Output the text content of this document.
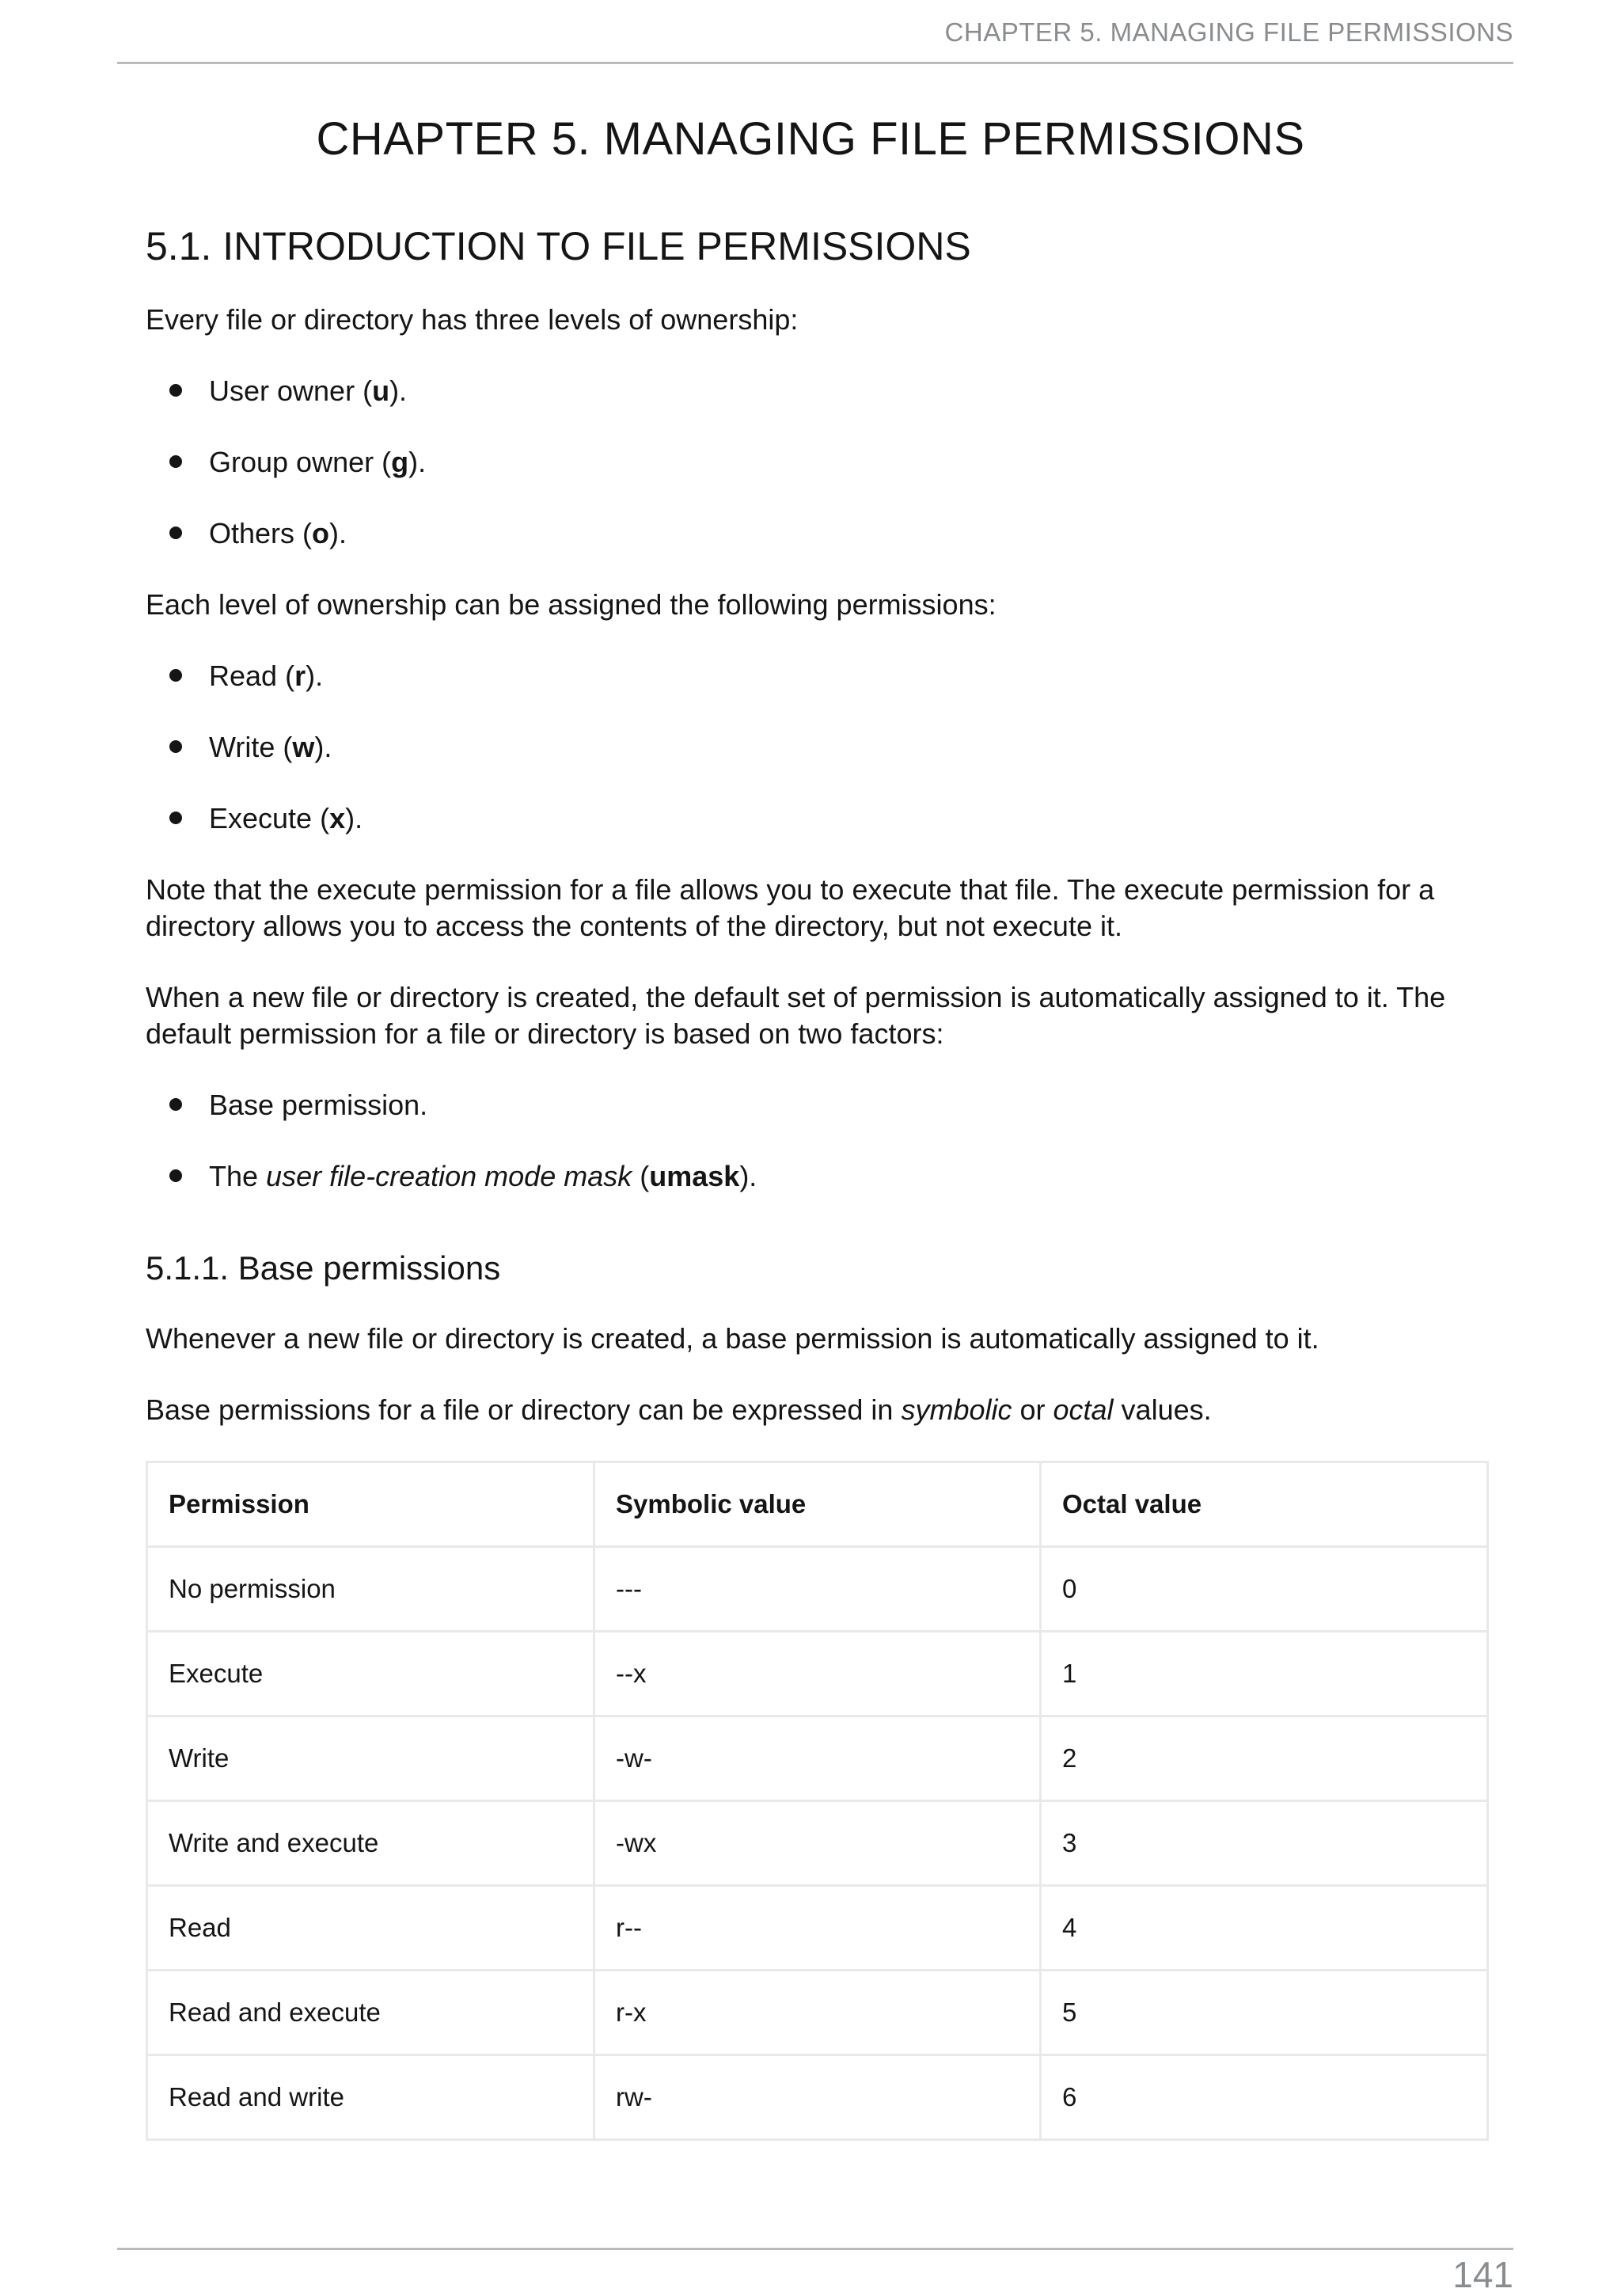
CHAPTER 5. MANAGING FILE PERMISSIONS
CHAPTER 5. MANAGING FILE PERMISSIONS
5.1. INTRODUCTION TO FILE PERMISSIONS

Every file or directory has three levels of ownership:

User owner (u).
Group owner (g).
Others (o).

Each level of ownership can be assigned the following permissions:

Read (r).
Write (w).
Execute (x).

Note that the execute permission for a file allows you to execute that file. The execute permission for a directory allows you to access the contents of the directory, but not execute it.

When a new file or directory is created, the default set of permission is automatically assigned to it. The default permission for a file or directory is based on two factors:

Base permission.
The user file-creation mode mask (umask).
5.1.1. Base permissions

Whenever a new file or directory is created, a base permission is automatically assigned to it.

Base permissions for a file or directory can be expressed in symbolic or octal values.

Permission	Symbolic value	Octal value
No permission	---	0
Execute	--x	1
Write	-w-	2
Write and execute	-wx	3
Read	r--	4
Read and execute	r-x	5
Read and write	rw-	6
141
